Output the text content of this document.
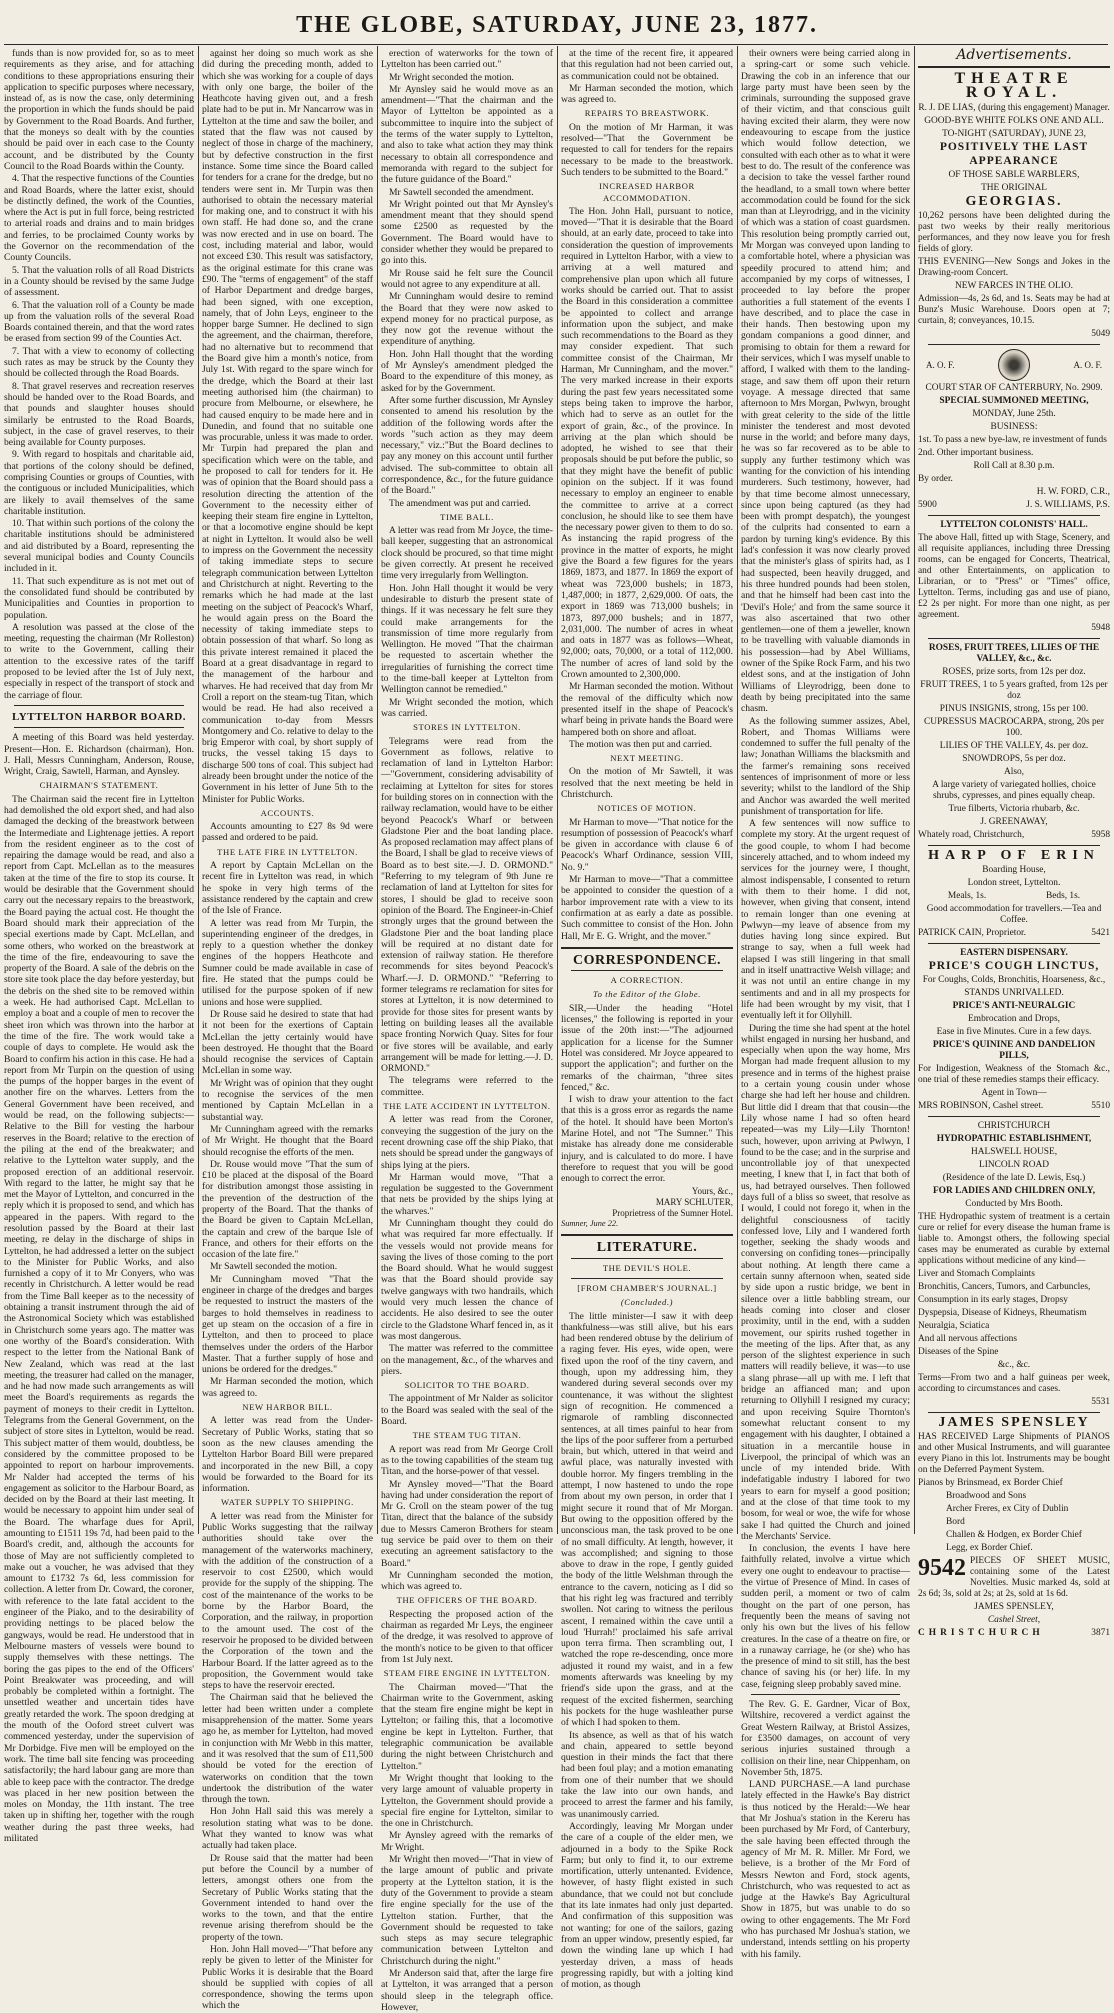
THE GLOBE, SATURDAY, JUNE 23, 1877.

funds than is now provided for, so as to meet requirements as they arise, and for attaching conditions to these appropriations ensuring their application to specific purposes where necessary, instead of, as is now the case, only determining the proportion in which the funds should be paid by Government to the Road Boards. And further, that the moneys so dealt with by the counties should be paid over in each case to the County account, and be distributed by the County Council to the Road Boards within the County.

4. That the respective functions of the Counties and Road Boards, where the latter exist, should be distinctly defined, the work of the Counties, where the Act is put in full force, being restricted to arterial roads and drains and to main bridges and ferries, to be proclaimed County works by the Governor on the recommendation of the County Councils.

5. That the valuation rolls of all Road Districts in a County should be revised by the same Judge of assessment.

6. That the valuation roll of a County be made up from the valuation rolls of the several Road Boards contained therein, and that the word rates be erased from section 99 of the Counties Act.

7. That with a view to economy of collecting such rates as may be struck by the County they should be collected through the Road Boards.

8. That gravel reserves and recreation reserves should be handed over to the Road Boards, and that pounds and slaughter houses should similarly be entrusted to the Road Boards, subject, in the case of gravel reserves, to their being available for County purposes.

9. With regard to hospitals and charitable aid, that portions of the colony should be defined, comprising Counties or groups of Counties, with the contiguous or included Municipalities, which are likely to avail themselves of the same charitable institution.

10. That within such portions of the colony the charitable institutions should be administered and aid distributed by a Board, representing the several municipal bodies and County Councils included in it.

11. That such expenditure as is not met out of the consolidated fund should be contributed by Municipalities and Counties in proportion to population.

A resolution was passed at the close of the meeting, requesting the chairman (Mr Rolleston) to write to the Government, calling their attention to the excessive rates of the tariff proposed to be levied after the 1st of July next, especially in respect of the transport of stock and the carriage of flour.

LYTTELTON HARBOR BOARD.

A meeting of this Board was held yesterday. Present—Hon. E. Richardson (chairman), Hon. J. Hall, Messrs Cunningham, Anderson, Rouse, Wright, Craig, Sawtell, Harman, and Aynsley.

CHAIRMAN'S STATEMENT.

The Chairman said the recent fire in Lyttelton had demolished the old export shed, and had also damaged the decking of the breastwork between the Intermediate and Lightenage jetties. A report from the resident engineer as to the cost of repairing the damage would be read, and also a report from Capt. McLellan as to the measures taken at the time of the fire to stop its course. It would be desirable that the Government should carry out the necessary repairs to the breastwork, the Board paying the actual cost. He thought the Board should mark their appreciation of the special exertions made by Capt. McLellan, and some others, who worked on the breastwork at the time of the fire, endeavouring to save the property of the Board. A sale of the debris on the store site took place the day before yesterday, but the debris on the shed site to be removed within a week. He had authorised Capt. McLellan to employ a boat and a couple of men to recover the sheet iron which was thrown into the harbor at the time of the fire. The work would take a couple of days to complete. He would ask the Board to confirm his action in this case. He had a report from Mr Turpin on the question of using the pumps of the hopper barges in the event of another fire on the wharves. Letters from the General Government have been received, and would be read, on the following subjects:—Relative to the Bill for vesting the harbour reserves in the Board; relative to the erection of the piling at the end of the breakwater; and relative to the Lyttelton water supply, and the proposed erection of an additional reservoir. With regard to the latter, he might say that he met the Mayor of Lyttelton, and concurred in the reply which it is proposed to send, and which has appeared in the papers. With regard to the resolution passed by the Board at their last meeting, re delay in the discharge of ships in Lyttelton, he had addressed a letter on the subject to the Minister for Public Works, and also furnished a copy of it to Mr Conyers, who was recently in Christchurch. A letter would be read from the Time Ball keeper as to the necessity of obtaining a transit instrument through the aid of the Astronomical Society which was established in Christchurch some years ago. The matter was one worthy of the Board's consideration. With respect to the letter from the National Bank of New Zealand, which was read at the last meeting, the treasurer had called on the manager, and he had now made such arrangements as will meet the Board's requirements as regards the payment of moneys to their credit in Lyttelton. Telegrams from the General Government, on the subject of store sites in Lyttelton, would be read. This subject matter of them would, doubtless, be considered by the committee proposed to be appointed to report on harbour improvements. Mr Nalder had accepted the terms of his engagement as solicitor to the Harbour Board, as decided on by the Board at their last meeting. It would be necessary to appoint him under seal of the Board. The wharfage dues for April, amounting to £1511 19s 7d, had been paid to the Board's credit, and, although the accounts for those of May are not sufficiently completed to make out a voucher, he was advised that they amount to £1732 7s 6d, less commission for collection. A letter from Dr. Coward, the coroner, with reference to the late fatal accident to the engineer of the Piako, and to the desirability of providing nettings to be placed below the gangways, would be read. He understood that in Melbourne masters of vessels were bound to supply themselves with these nettings. The boring the gas pipes to the end of the Officers' Point Breakwater was proceeding, and will probably be completed within a fortnight. The unsettled weather and uncertain tides have greatly retarded the work. The spoon dredging at the mouth of the Ooford street culvert was commenced yesterday, under the supervision of Mr Dorbidge. Five men will be employed on the work. The time ball site fencing was proceeding satisfactorily; the hard labour gang are more than able to keep pace with the contractor. The dredge was placed in her new position between the moles on Monday, the 11th instant. The tree taken up in shifting her, together with the rough weather during the past three weeks, had militated

against her doing so much work as she did during the preceding month, added to which she was working for a couple of days with only one barge, the boiler of the Heathcote having given out, and a fresh plate had to be put in. Mr Nancarrow was in Lyttelton at the time and saw the boiler, and stated that the flaw was not caused by neglect of those in charge of the machinery, but by defective construction in the first instance. Some time since the Board called for tenders for a crane for the dredge, but no tenders were sent in. Mr Turpin was then authorised to obtain the necessary material for making one, and to construct it with his own staff. He had done so, and the crane was now erected and in use on board. The cost, including material and labor, would not exceed £30. This result was satisfactory, as the original estimate for this crane was £90. The "terms of engagement" of the staff of Harbor Department and dredge barges, had been signed, with one exception, namely, that of John Leys, engineer to the hopper barge Sumner. He declined to sign the agreement, and the chairman, therefore, had no alternative but to recommend that the Board give him a month's notice, from July 1st. With regard to the spare winch for the dredge, which the Board at their last meeting authorised him (the chairman) to procure from Melbourne, or elsewhere, he had caused enquiry to be made here and in Dunedin, and found that no suitable one was procurable, unless it was made to order. Mr Turpin had prepared the plan and specification which were on the table, and he proposed to call for tenders for it. He was of opinion that the Board should pass a resolution directing the attention of the Government to the necessity either of keeping their steam fire engine in Lyttelton, or that a locomotive engine should be kept at night in Lyttelton. It would also be well to impress on the Government the necessity of taking immediate steps to secure telegraph communication between Lyttelton and Christchurch at night. Reverting to the remarks which he had made at the last meeting on the subject of Peacock's Wharf, he would again press on the Board the necessity of taking immediate steps to obtain possession of that wharf. So long as this private interest remained it placed the Board at a great disadvantage in regard to the management of the harbour and wharves. He had received that day from Mr Croll a report on the steam-tug Titan, which would be read. He had also received a communication to-day from Messrs Montgomery and Co. relative to delay to the brig Emperor with coal, by short supply of trucks, the vessel taking 15 days to discharge 500 tons of coal. This subject had already been brought under the notice of the Government in his letter of June 5th to the Minister for Public Works.

ACCOUNTS.

Accounts amounting to £27 8s 9d were passed and ordered to be paid.

THE LATE FIRE IN LYTTELTON.

A report by Captain McLellan on the recent fire in Lyttelton was read, in which he spoke in very high terms of the assistance rendered by the captain and crew of the Isle of France.

A letter was read from Mr Turpin, the superintending engineer of the dredges, in reply to a question whether the donkey engines of the hoppers Heathcote and Sumner could be made available in case of fire. He stated that the pumps could be utilised for the purpose spoken of if new unions and hose were supplied.

Dr Rouse said he desired to state that had it not been for the exertions of Captain McLellan the jetty certainly would have been destroyed. He thought that the Board should recognise the services of Captain McLellan in some way.

Mr Wright was of opinion that they ought to recognise the services of the men mentioned by Captain McLellan in a substantial way.

Mr Cunningham agreed with the remarks of Mr Wright. He thought that the Board should recognise the efforts of the men.

Dr. Rouse would move "That the sum of £10 be placed at the disposal of the Board for distribution amongst those assisting in the prevention of the destruction of the property of the Board. That the thanks of the Board be given to Captain McLellan, the captain and crew of the barque Isle of France, and others for their efforts on the occasion of the late fire."

Mr Sawtell seconded the motion.

Mr Cunningham moved "That the engineer in charge of the dredges and barges be requested to instruct the masters of the barges to hold themselves in readiness to get up steam on the occasion of a fire in Lyttelton, and then to proceed to place themselves under the orders of the Harbor Master. That a further supply of hose and unions be ordered for the dredges."

Mr Harman seconded the motion, which was agreed to.

NEW HARBOR BILL.

A letter was read from the Under-Secretary of Public Works, stating that so soon as the new clauses amending the Lyttelton Harbor Board Bill were prepared and incorporated in the new Bill, a copy would be forwarded to the Board for its information.

WATER SUPPLY TO SHIPPING.

A letter was read from the Minister for Public Works suggesting that the railway authorities should take over the management of the waterworks machinery, with the addition of the construction of a reservoir to cost £2500, which would provide for the supply of the shipping. The cost of the maintenance of the works to be borne by the Harbor Board, the Corporation, and the railway, in proportion to the amount used. The cost of the reservoir he proposed to be divided between the Corporation of the town and the Harbour Board. If the latter agreed as to the proposition, the Government would take steps to have the reservoir erected.

The Chairman said that he believed the letter had been written under a complete misapprehension of the matter. Some years ago he, as member for Lyttelton, had moved in conjunction with Mr Webb in this matter, and it was resolved that the sum of £11,500 should be voted for the erection of waterworks on condition that the town undertook the distribution of the water through the town.

Hon John Hall said this was merely a resolution stating what was to be done. What they wanted to know was what actually had taken place.

Dr Rouse said that the matter had been put before the Council by a number of letters, amongst others one from the Secretary of Public Works stating that the Government intended to hand over the works to the town, and that the entire revenue arising therefrom should be the property of the town.

Hon. John Hall moved—"That before any reply be given to letter of the Minister for Public Works it is desirable that the Board should be supplied with copies of all correspondence, showing the terms upon which the

erection of waterworks for the town of Lyttelton has been carried out."

Mr Wright seconded the motion.

Mr Aynsley said he would move as an amendment—"That the chairman and the Mayor of Lyttelton be appointed as a subcommittee to inquire into the subject of the terms of the water supply to Lyttelton, and also to take what action they may think necessary to obtain all correspondence and memoranda with regard to the subject for the future guidance of the Board."

Mr Sawtell seconded the amendment.

Mr Wright pointed out that Mr Aynsley's amendment meant that they should spend some £2500 as requested by the Government. The Board would have to consider whether they would be prepared to go into this.

Mr Rouse said he felt sure the Council would not agree to any expenditure at all.

Mr Cunningham would desire to remind the Board that they were now asked to expend money for no practical purpose, as they now got the revenue without the expenditure of anything.

Hon. John Hall thought that the wording of Mr Aynsley's amendment pledged the Board to the expenditure of this money, as asked for by the Government.

After some further discussion, Mr Aynsley consented to amend his resolution by the addition of the following words after the words "such action as they may deem necessary," viz.:"But the Board declines to pay any money on this account until further advised. The sub-committee to obtain all correspondence, &c., for the future guidance of the Board."

The amendment was put and carried.

TIME BALL.

A letter was read from Mr Joyce, the time-ball keeper, suggesting that an astronomical clock should be procured, so that time might be given correctly. At present he received time very irregularly from Wellington.

Hon. John Hall thought it would be very undesirable to disturb the present state of things. If it was necessary he felt sure they could make arrangements for the transmission of time more regularly from Wellington. He moved "That the chairman be requested to ascertain whether the irregularities of furnishing the correct time to the time-ball keeper at Lyttelton from Wellington cannot be remedied."

Mr Wright seconded the motion, which was carried.

STORES IN LYTTELTON.

Telegrams were read from the Government as follows, relative to reclamation of land in Lyttelton Harbor:—"Government, considering advisability of reclaiming at Lyttelton for sites for stores for building stores on in connection with the railway reclamation, would have to be either beyond Peacock's Wharf or between Gladstone Pier and the boat landing place. As proposed reclamation may affect plans of the Board, I shall be glad to receive views of Board as to best site.—J. D. ORMOND." "Referring to my telegram of 9th June re reclamation of land at Lyttelton for sites for stores, I should be glad to receive soon opinion of the Board. The Engineer-in-Chief strongly urges that the ground between the Gladstone Pier and the boat landing place will be required at no distant date for extension of railway station. He therefore recommends for sites beyond Peacock's Wharf.—J. D. ORMOND." "Referring to former telegrams re reclamation for sites for stores at Lyttelton, it is now determined to provide for those sites for present wants by letting on building leases all the available space fronting Norwich Quay. Sites for four or five stores will be available, and early arrangement will be made for letting.—J. D. ORMOND."

The telegrams were referred to the committee.

THE LATE ACCIDENT IN LYTTELTON.

A letter was read from the Coroner, conveying the suggestion of the jury on the recent drowning case off the ship Piako, that nets should be spread under the gangways of ships lying at the piers.

Mr Harman would move, "That a regulation be suggested to the Government that nets be provided by the ships lying at the wharves."

Mr Cunningham thought they could do what was required far more effectually. If the vessels would not provide means for saving the lives of those coming to the port the Board should. What he would suggest was that the Board should provide say twelve gangways with two handrails, which would very much lessen the chance of accidents. He also desired to see the outer circle to the Gladstone Wharf fenced in, as it was most dangerous.

The matter was referred to the committee on the management, &c., of the wharves and piers.

SOLICITOR TO THE BOARD.

The appointment of Mr Nalder as solicitor to the Board was sealed with the seal of the Board.

THE STEAM TUG TITAN.

A report was read from Mr George Croll as to the towing capabilities of the steam tug Titan, and the horse-power of that vessel.

Mr Aynsley moved—"That the Board having had under consideration the report of Mr G. Croll on the steam power of the tug Titan, direct that the balance of the subsidy due to Messrs Cameron Brothers for steam tug service be paid over to them on their executing an agreement satisfactory to the Board."

Mr Cunningham seconded the motion, which was agreed to.

THE OFFICERS OF THE BOARD.

Respecting the proposed action of the chairman as regarded Mr Leys, the engineer of the dredge, it was resolved to approve of the month's notice to be given to that officer from 1st July next.

STEAM FIRE ENGINE IN LYTTELTON.

The Chairman moved—"That the Chairman write to the Government, asking that the steam fire engine might be kept in Lyttelton; or failing this, that a locomotive engine be kept in Lyttelton. Further, that telegraphic communication be available during the night between Christchurch and Lyttelton."

Mr Wright thought that looking to the very large amount of valuable property in Lyttelton, the Government should provide a special fire engine for Lyttelton, similar to the one in Christchurch.

Mr Aynsley agreed with the remarks of Mr Wright.

Mr Wright then moved—"That in view of the large amount of public and private property at the Lyttelton station, it is the duty of the Government to provide a steam fire engine specially for the use of the Lyttelton station. Further, that the Government should be requested to take such steps as may secure telegraphic communication between Lyttelton and Christchurch during the night."

Mr Anderson said that, after the large fire at Lyttelton, it was arranged that a person should sleep in the telegraph office. However,

at the time of the recent fire, it appeared that this regulation had not been carried out, as communication could not be obtained.

Mr Harman seconded the motion, which was agreed to.

REPAIRS TO BREASTWORK.

On the motion of Mr Harman, it was resolved—"That the Government be requested to call for tenders for the repairs necessary to be made to the breastwork. Such tenders to be submitted to the Board."

INCREASED HARBOR ACCOMMODATION.

The Hon. John Hall, pursuant to notice, moved—"That it is desirable that the Board should, at an early date, proceed to take into consideration the question of improvements required in Lyttelton Harbor, with a view to arriving at a well matured and comprehensive plan upon which all future works should be carried out. That to assist the Board in this consideration a committee be appointed to collect and arrange information upon the subject, and make such recommendations to the Board as they may consider expedient. That such committee consist of the Chairman, Mr Harman, Mr Cunningham, and the mover." The very marked increase in their exports during the past few years necessitated some steps being taken to improve the harbor, which had to serve as an outlet for the export of grain, &c., of the province. In arriving at the plan which should be adopted, he wished to see that their proposals should be put before the public, so that they might have the benefit of public opinion on the subject. If it was found necessary to employ an engineer to enable the committee to arrive at a correct conclusion, he should like to see them have the necessary power given to them to do so. As instancing the rapid progress of the province in the matter of exports, he might give the Board a few figures for the years 1869, 1873, and 1877. In 1869 the export of wheat was 723,000 bushels; in 1873, 1,487,000; in 1877, 2,629,000. Of oats, the export in 1869 was 713,000 bushels; in 1873, 897,000 bushels; and in 1877, 2,031,000. The number of acres in wheat and oats in 1877 was as follows—Wheat, 92,000; oats, 70,000, or a total of 112,000. The number of acres of land sold by the Crown amounted to 2,300,000.

Mr Harman seconded the motion. Without the removal of the difficulty which now presented itself in the shape of Peacock's wharf being in private hands the Board were hampered both on shore and afloat.

The motion was then put and carried.

NEXT MEETING.

On the motion of Mr Sawtell, it was resolved that the next meeting be held in Christchurch.

NOTICES OF MOTION.

Mr Harman to move—"That notice for the resumption of possession of Peacock's wharf be given in accordance with clause 6 of Peacock's Wharf Ordinance, session VIII, No. 9."

Mr Harman to move—"That a committee be appointed to consider the question of a harbor improvement rate with a view to its confirmation at as early a date as possible. Such committee to consist of the Hon. John Hall, Mr E. G. Wright, and the mover."

CORRESPONDENCE.
A CORRECTION.
To the Editor of the Globe.

SIR,—Under the heading "Hotel licenses," the following is reported in your issue of the 20th inst:—"The adjourned application for a license for the Sumner Hotel was considered. Mr Joyce appeared to support the application"; and further on the remarks of the chairman, "three sites fenced," &c.

I wish to draw your attention to the fact that this is a gross error as regards the name of the hotel. It should have been Morton's Marine Hotel, and not "The Sumner." This mistake has already done me considerable injury, and is calculated to do more. I have therefore to request that you will be good enough to correct the error.

Yours, &c.,
MARY SCHLUTER,
Proprietress of the Sumner Hotel.
Sumner, June 22.
LITERATURE.
THE DEVIL'S HOLE.
[FROM CHAMBER'S JOURNAL.]
(Concluded.)

The little minister—I saw it with deep thankfulness—was still alive, but his ears had been rendered obtuse by the delirium of a raging fever. His eyes, wide open, were fixed upon the roof of the tiny cavern, and though, upon my addressing him, they wandered during several seconds over my countenance, it was without the slightest sign of recognition. He commenced a rigmarole of rambling disconnected sentences, at all times painful to hear from the lips of the poor sufferer from a perturbed brain, but which, uttered in that weird and awful place, was naturally invested with double horror. My fingers trembling in the attempt, I now hastened to undo the rope from about my own person, in order that I might secure it round that of Mr Morgan. But owing to the opposition offered by the unconscious man, the task proved to be one of no small difficulty. At length, however, it was accomplished; and signing to those above to draw in the rope, I gently guided the body of the little Welshman through the entrance to the cavern, noticing as I did so that his right leg was fractured and terribly swollen. Not caring to witness the perilous ascent, I remained within the cave until a loud 'Hurrah!' proclaimed his safe arrival upon terra firma. Then scrambling out, I watched the rope re-descending, once more adjusted it round my waist, and in a few moments afterwards was kneeling by my friend's side upon the grass, and at the request of the excited fishermen, searching his pockets for the huge washleather purse of which I had spoken to them.

Its absence, as well as that of his watch and chain, appeared to settle beyond question in their minds the fact that there had been foul play; and a motion emanating from one of their number that we should take the law into our own hands, and proceed to arrest the farmer and his family, was unanimously carried.

Accordingly, leaving Mr Morgan under the care of a couple of the elder men, we adjourned in a body to the Spike Rock Farm; but only to find it, to our extreme mortification, utterly untenanted. Evidence, however, of hasty flight existed in such abundance, that we could not but conclude that its late inmates had only just departed. And confirmation of this supposition was not wanting; for one of the sailors, gazing from an upper window, presently espied, far down the winding lane up which I had yesterday driven, a mass of heads progressing rapidly, but with a jolting kind of motion, as though

their owners were being carried along in a spring-cart or some such vehicle. Drawing the cob in an inference that our large party must have been seen by the criminals, surrounding the supposed grave of their victim, and that conscious guilt having excited their alarm, they were now endeavouring to escape from the justice which would follow detection, we consulted with each other as to what it were best to do. The result of the conference was a decision to take the vessel farther round the headland, to a small town where better accommodation could be found for the sick man than at Lleyrodrigg, and in the vicinity of which was a station of coast guardsmen. This resolution being promptly carried out, Mr Morgan was conveyed upon landing to a comfortable hotel, where a physician was speedily procured to attend him; and accompanied by my corps of witnesses, I proceeded to lay before the proper authorities a full statement of the events I have described, and to place the case in their hands. Then bestowing upon my gondam companions a good dinner, and promising to obtain for them a reward for their services, which I was myself unable to afford, I walked with them to the landing-stage, and saw them off upon their return voyage. A message directed that same afternoon to Mrs Morgan, Pwlwyn, brought with great celerity to the side of the little minister the tenderest and most devoted nurse in the world; and before many days, he was so far recovered as to be able to supply any further testimony which was wanting for the conviction of his intending murderers. Such testimony, however, had by that time become almost unnecessary, since upon being captured (as they had been with prompt despatch), the youngest of the culprits had consented to earn a pardon by turning king's evidence. By this lad's confession it was now clearly proved that the minister's glass of spirits had, as I had suspected, been heavily drugged, and his three hundred pounds had been stolen, and that he himself had been cast into the 'Devil's Hole;' and from the same source it was also ascertained that two other gentlemen—one of them a jeweller, known to be travelling with valuable diamonds in his possession—had by Abel Williams, owner of the Spike Rock Farm, and his two eldest sons, and at the instigation of John Williams of Lleyrodrigg, been done to death by being precipitated into the same chasm.

As the following summer assizes, Abel, Robert, and Thomas Williams were condemned to suffer the full penalty of the law; Jonathan Williams the blacksmith and the farmer's remaining sons received sentences of imprisonment of more or less severity; whilst to the landlord of the Ship and Anchor was awarded the well merited punishment of transportation for life.

A few sentences will now suffice to complete my story. At the urgent request of the good couple, to whom I had become sincerely attached, and to whom indeed my services for the journey were, I thought, almost indispensable, I consented to return with them to their home. I did not, however, when giving that consent, intend to remain longer than one evening at Pwlwyn—my leave of absence from my duties having long since expired. But strange to say, when a full week had elapsed I was still lingering in that small and in itself unattractive Welsh village; and it was not until an entire change in my sentiments and and in all my prospects for life had been wrought by my visit, that I eventually left it for Ollyhill.

During the time she had spent at the hotel whilst engaged in nursing her husband, and especially when upon the way home, Mrs Morgan had made frequent allusion to my presence and in terms of the highest praise to a certain young cousin under whose charge she had left her house and children. But little did I dream that that cousin—the Lily whose name I had so often heard repeated—was my Lily—Lily Thornton! such, however, upon arriving at Pwlwyn, I found to be the case; and in the surprise and uncontrollable joy of that unexpected meeting, I knew that I, in fact that both of us, had betrayed ourselves. Then followed days full of a bliss so sweet, that resolve as I would, I could not forego it, when in the delightful consciousness of tacitly confessed love, Lily and I wandered forth together, seeking the shady woods and conversing on confiding tones—principally about nothing. At length there came a certain sunny afternoon when, seated side by side upon a rustic bridge, we bent in silence over a little babbling stream, our heads coming into closer and closer proximity, until in the end, with a sudden movement, our spirits rushed together in the meeting of the lips. After that, as any person of the slightest experience in such matters will readily believe, it was—to use a slang phrase—all up with me. I left that bridge an affianced man; and upon returning to Ollyhill I resigned my curacy; and upon receiving Squire Thornton's somewhat reluctant consent to my engagement with his daughter, I obtained a situation in a mercantile house in Liverpool, the principal of which was an uncle of my intended bride. With indefatigable industry I labored for two years to earn for myself a good position; and at the close of that time took to my bosom, for weal or woe, the wife for whose sake I had quitted the Church and joined the Merchants' Service.

In conclusion, the events I have here faithfully related, involve a virtue which every one ought to endeavour to practise—the virtue of Presence of Mind. In cases of sudden peril, a moment or two of calm thought on the part of one person, has frequently been the means of saving not only his own but the lives of his fellow creatures. In the case of a theatre on fire, or in a runaway carriage, he (or she) who has the presence of mind to sit still, has the best chance of saving his (or her) life. In my case, feigning sleep probably saved mine.

The Rev. G. E. Gardner, Vicar of Box, Wiltshire, recovered a verdict against the Great Western Railway, at Bristol Assizes, for £3500 damages, on account of very serious injuries sustained through a collision on their line, near Chippenham, on November 5th, 1875.

LAND PURCHASE.—A land purchase lately effected in the Hawke's Bay district is thus noticed by the Herald:—We hear that Mr Joshua's station in the Kereru has been purchased by Mr Ford, of Canterbury, the sale having been effected through the agency of Mr M. R. Miller. Mr Ford, we believe, is a brother of the Mr Ford of Messrs Newton and Ford, stock agents, Christchurch, who was requested to act as judge at the Hawke's Bay Agricultural Show in 1875, but was unable to do so owing to other engagements. The Mr Ford who has purchased Mr Joshua's station, we understand, intends settling on his property with his family.

Advertisements.
THEATRE ROYAL.
R. J. DE LIAS, (during this engagement) Manager.
GOOD-BYE WHITE FOLKS ONE AND ALL.
TO-NIGHT (SATURDAY), JUNE 23,
POSITIVELY THE LAST
APPEARANCE
OF THOSE SABLE WARBLERS,
THE ORIGINAL
GEORGIAS.
10,262 persons have been delighted during the past two weeks by their really meritorious performances, and they now leave you for fresh fields of glory.
THIS EVENING—New Songs and Jokes in the Drawing-room Concert.
NEW FARCES IN THE OLIO.
Admission—4s, 2s 6d, and 1s. Seats may be had at Bunz's Music Warehouse. Doors open at 7; curtain, 8; conveyances, 10.15.
5049
A. O. F.	A. O. F.
COURT STAR OF CANTERBURY, No. 2909.
SPECIAL SUMMONED MEETING,
MONDAY, June 25th.
BUSINESS:
1st. To pass a new bye-law, re investment of funds
2nd. Other important business.
Roll Call at 8.30 p.m.
By order.
H. W. FORD, C.R.,
5900	J. S. WILLIAMS, P.S.
LYTTELTON COLONISTS' HALL.
The above Hall, fitted up with Stage, Scenery, and all requisite appliances, including three Dressing rooms, can be engaged for Concerts, Theatrical, and other Entertainments, on application to Librarian, or to "Press" or "Times" office, Lyttelton. Terms, including gas and use of piano, £2 2s per night. For more than one night, as per agreement.
5948
ROSES, FRUIT TREES, LILIES OF THE VALLEY, &c., &c.
ROSES, prize sorts, from 12s per doz.
FRUIT TREES, 1 to 5 years grafted, from 12s per doz
PINUS INSIGNIS, strong, 15s per 100.
CUPRESSUS MACROCARPA, strong, 20s per 100.
LILIES OF THE VALLEY, 4s. per doz.
SNOWDROPS, 5s per doz.
Also,
A large variety of variegated hollies, choice shrubs, cypresses, and pines equally cheap.
True filberts, Victoria rhubarb, &c.
J. GREENAWAY,
Whately road, Christchurch,	5958
HARP OF ERIN
Boarding House,
London street, Lyttelton.
Meals, 1s.	Beds, 1s.
Good accommodation for travellers.—Tea and Coffee.
PATRICK CAIN, Proprietor.	5421
EASTERN DISPENSARY.
PRICE'S COUGH LINCTUS,
For Coughs, Colds, Bronchitis, Hoarseness, &c.,
STANDS UNRIVALLED.
PRICE'S ANTI-NEURALGIC
Embrocation and Drops,
Ease in five Minutes. Cure in a few days.
PRICE'S QUININE AND DANDELION PILLS,
For Indigestion, Weakness of the Stomach &c., one trial of these remedies stamps their efficacy.
Agent in Town—
MRS ROBINSON, Cashel street.	5510
CHRISTCHURCH
HYDROPATHIC ESTABLISHMENT,
HALSWELL HOUSE,
LINCOLN ROAD
(Residence of the late D. Lewis, Esq.)
FOR LADIES AND CHILDREN ONLY,
Conducted by Mrs Booth.
THE Hydropathic system of treatment is a certain cure or relief for every disease the human frame is liable to. Amongst others, the following special cases may be enumerated as curable by external applications without medicine of any kind—
Liver and Stomach Complaints
Bronchitis, Cancers, Tumors, and Carbuncles,
Consumption in its early stages, Dropsy
Dyspepsia, Disease of Kidneys, Rheumatism
Neuralgia, Sciatica
And all nervous affections
Diseases of the Spine
&c., &c.
Terms—From two and a half guineas per week, according to circumstances and cases.
5531
JAMES SPENSLEY
HAS RECEIVED Large Shipments of PIANOS and other Musical Instruments, and will guarantee every Piano in this lot. Instruments may be bought on the Deferred Payment System.
Pianos by Brinsmead, ex Border Chief
Broadwood and Sons
Archer Freres, ex City of Dublin
Bord
Challen & Hodgen, ex Border Chief
Legg, ex Border Chief.
9542 PIECES OF SHEET MUSIC, containing some of the Latest Novelties. Music marked 4s, sold at 2s 6d; 3s, sold at 2s; at 2s, sold at 1s 6d.
JAMES SPENSLEY,
Cashel Street,
CHRISTCHURCH	3871
